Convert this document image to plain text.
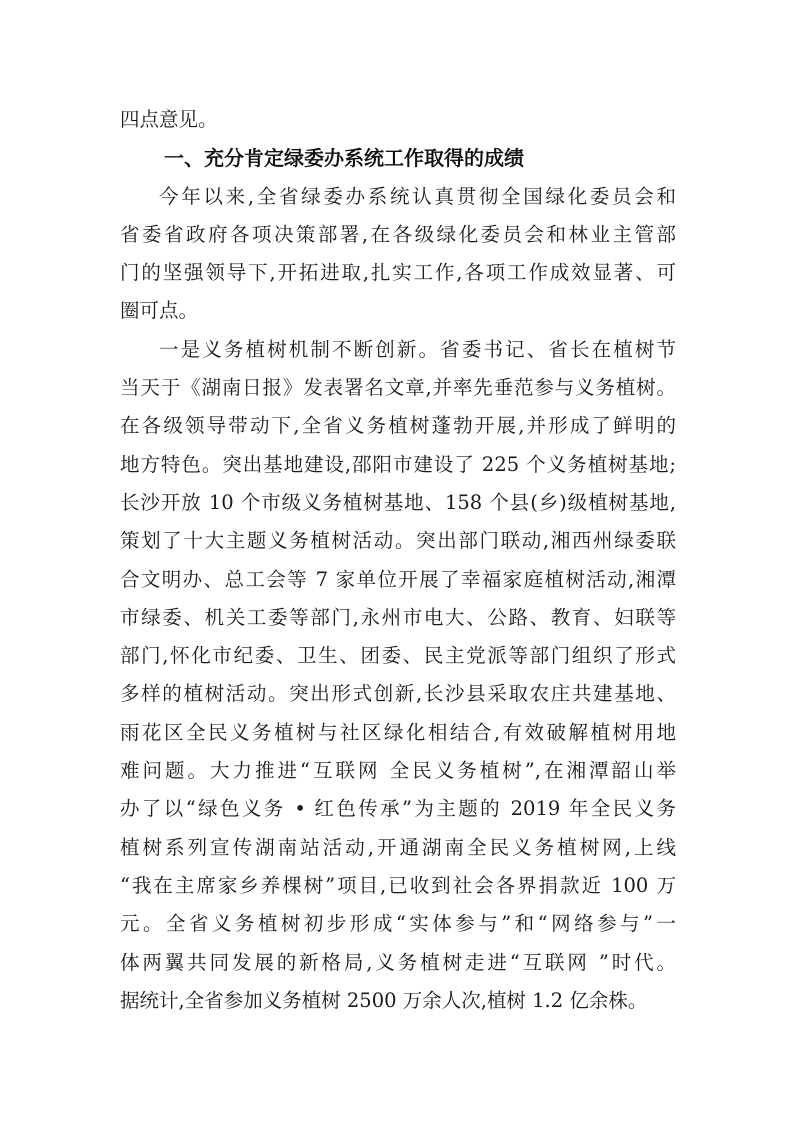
四点意见。
一、充分肯定绿委办系统工作取得的成绩
今年以来,全省绿委办系统认真贯彻全国绿化委员会和
省委省政府各项决策部署,在各级绿化委员会和林业主管部
门的坚强领导下,开拓进取,扎实工作,各项工作成效显著、可
圈可点。
一是义务植树机制不断创新。省委书记、省长在植树节
当天于《湖南日报》发表署名文章,并率先垂范参与义务植树。
在各级领导带动下,全省义务植树蓬勃开展,并形成了鲜明的
地方特色。突出基地建设,邵阳市建设了 225 个义务植树基地;
长沙开放 10 个市级义务植树基地、158 个县(乡)级植树基地,
策划了十大主题义务植树活动。突出部门联动,湘西州绿委联
合文明办、总工会等 7 家单位开展了幸福家庭植树活动,湘潭
市绿委、机关工委等部门,永州市电大、公路、教育、妇联等
部门,怀化市纪委、卫生、团委、民主党派等部门组织了形式
多样的植树活动。突出形式创新,长沙县采取农庄共建基地、
雨花区全民义务植树与社区绿化相结合,有效破解植树用地
难问题。大力推进“互联网 全民义务植树”,在湘潭韶山举
办了以“绿色义务 • 红色传承”为主题的 2019 年全民义务
植树系列宣传湖南站活动,开通湖南全民义务植树网,上线
“我在主席家乡养棵树”项目,已收到社会各界捐款近 100 万
元。全省义务植树初步形成“实体参与”和“网络参与”一
体两翼共同发展的新格局,义务植树走进“互联网 ”时代。
据统计,全省参加义务植树 2500 万余人次,植树 1.2 亿余株。
